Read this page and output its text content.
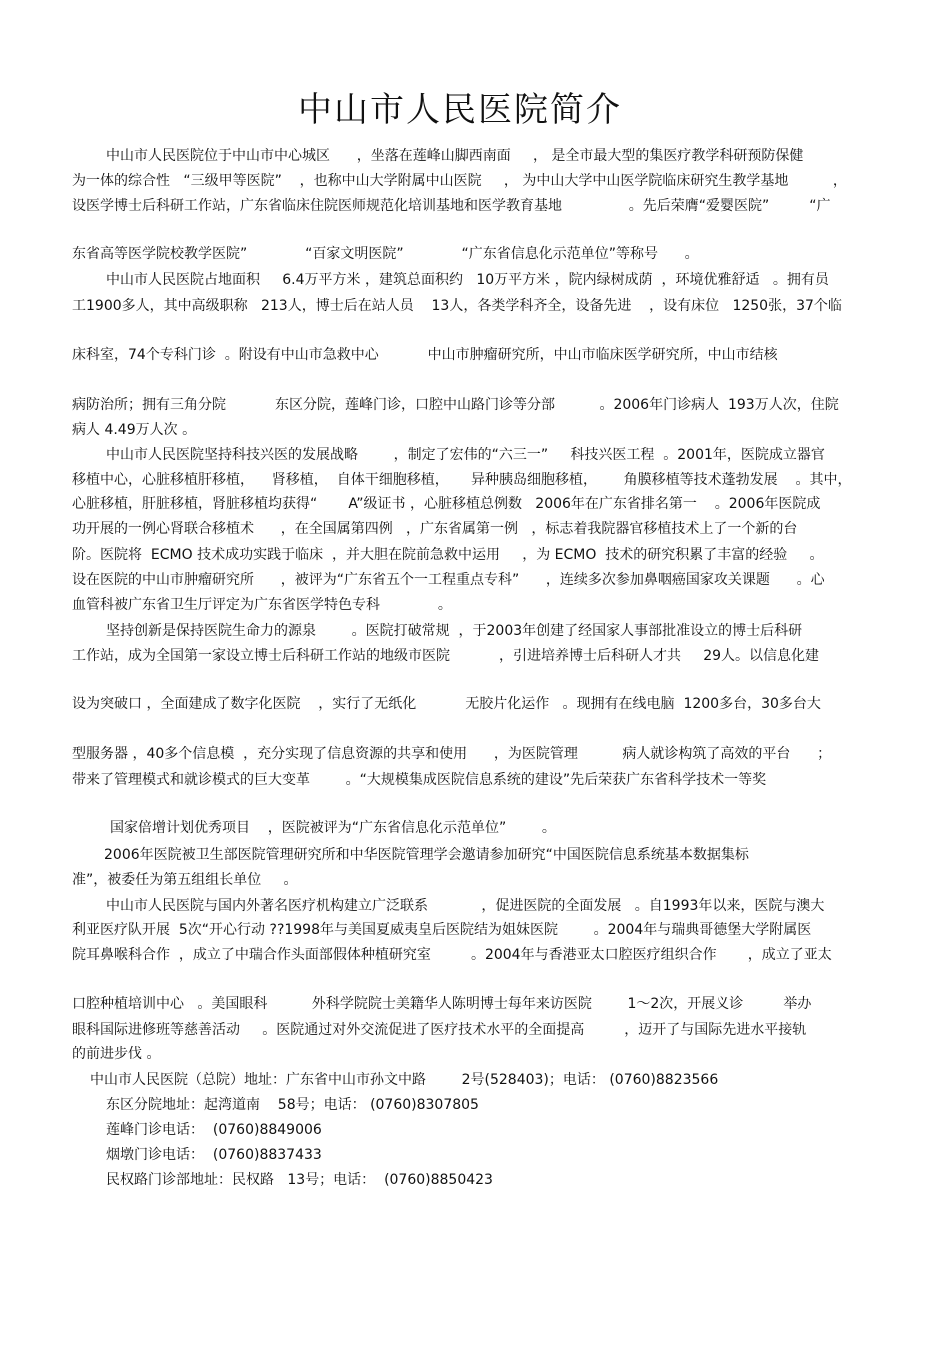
中山市人民医院简介
中山市人民医院位于中山市中心城区      ，坐落在莲峰山脚西南面     ， 是全市最大型的集医疗教学科研预防保健
为一体的综合性   “三级甲等医院”    ，也称中山大学附属中山医院     ， 为中山大学中山医学院临床研究生教学基地          ，
设医学博士后科研工作站，广东省临床住院医师规范化培训基地和医学教育基地               。先后荣膺“爱婴医院”         “广
东省高等医学院校教学医院”             “百家文明医院”             “广东省信息化示范单位”等称号      。
中山市人民医院占地面积     6.4万平方米 ，建筑总面积约   10万平方米 ，院内绿树成荫  ，环境优雅舒适   。拥有员
工1900多人，其中高级职称   213人，博士后在站人员    13人，各类学科齐全，设备先进    ，设有床位   1250张，37个临
床科室，74个专科门诊  。附设有中山市急救中心           中山市肿瘤研究所，中山市临床医学研究所，中山市结核
病防治所；拥有三角分院           东区分院，莲峰门诊，口腔中山路门诊等分部          。2006年门诊病人  193万人次，住院
病人 4.49万人次 。
中山市人民医院坚持科技兴医的发展战略        ，制定了宏伟的“六三一”     科技兴医工程  。2001年，医院成立器官
移植中心，心脏移植肝移植，    肾移植，  自体干细胞移植，     异种胰岛细胞移植，      角膜移植等技术蓬勃发展    。其中，
心脏移植，肝脏移植，肾脏移植均获得“       A”级证书 ，心脏移植总例数   2006年在广东省排名第一    。2006年医院成
功开展的一例心肾联合移植术      ，在全国属第四例   ，广东省属第一例   ，标志着我院器官移植技术上了一个新的台
阶。医院将  ECMO 技术成功实践于临床  ，并大胆在院前急救中运用     ，为 ECMO  技术的研究积累了丰富的经验     。
设在医院的中山市肿瘤研究所      ，被评为“广东省五个一工程重点专科”      ，连续多次参加鼻咽癌国家攻关课题      。心
血管科被广东省卫生厅评定为广东省医学特色专科             。
坚持创新是保持医院生命力的源泉        。医院打破常规  ，于2003年创建了经国家人事部批准设立的博士后科研
工作站，成为全国第一家设立博士后科研工作站的地级市医院           ，引进培养博士后科研人才共     29人。以信息化建
设为突破口 ，全面建成了数字化医院    ，实行了无纸化           无胶片化运作   。现拥有在线电脑  1200多台，30多台大
型服务器 ，40多个信息模  ，充分实现了信息资源的共享和使用      ，为医院管理          病人就诊构筑了高效的平台      ；
带来了管理模式和就诊模式的巨大变革        。“大规模集成医院信息系统的建设”先后荣获广东省科学技术一等奖
国家倍增计划优秀项目    ，医院被评为“广东省信息化示范单位”        。
2006年医院被卫生部医院管理研究所和中华医院管理学会邀请参加研究“中国医院信息系统基本数据集标
准”，被委任为第五组组长单位     。
中山市人民医院与国内外著名医疗机构建立广泛联系            ，促进医院的全面发展   。自1993年以来，医院与澳大
利亚医疗队开展  5次“开心行动 ??1998年与美国夏威夷皇后医院结为姐妹医院        。2004年与瑞典哥德堡大学附属医
院耳鼻喉科合作  ，成立了中瑞合作头面部假体种植研究室         。2004年与香港亚太口腔医疗组织合作       ，成立了亚太
口腔种植培训中心   。美国眼科          外科学院院士美籍华人陈明博士每年来访医院        1～2次，开展义诊         举办
眼科国际进修班等慈善活动     。医院通过对外交流促进了医疗技术水平的全面提高         ，迈开了与国际先进水平接轨
的前进步伐 。
中山市人民医院（总院）地址：广东省中山市孙文中路        2号(528403)；电话： (0760)8823566
东区分院地址：起湾道南    58号；电话： (0760)8307805
莲峰门诊电话：  (0760)8849006
烟墩门诊电话：  (0760)8837433
民权路门诊部地址：民权路   13号；电话：  (0760)8850423
